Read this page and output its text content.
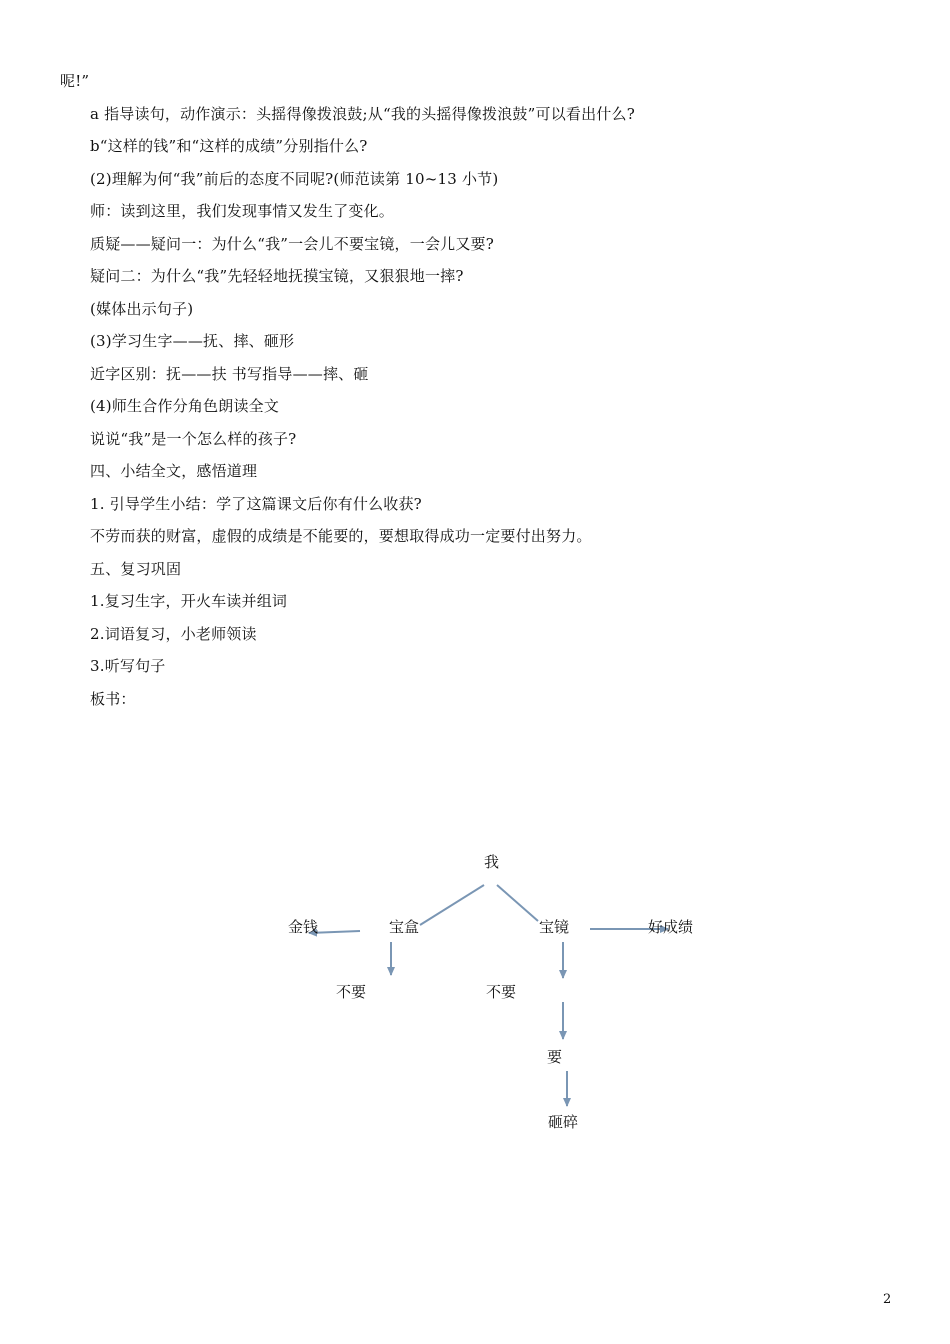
呢!”
a 指导读句，动作演示：头摇得像拨浪鼓;从“我的头摇得像拨浪鼓”可以看出什么?
b“这样的钱”和“这样的成绩”分别指什么?
(2)理解为何“我”前后的态度不同呢?(师范读第 10~13 小节)
师：读到这里，我们发现事情又发生了变化。
质疑——疑问一：为什么“我”一会儿不要宝镜，一会儿又要?
疑问二：为什么“我”先轻轻地抚摸宝镜，又狠狠地一摔?
(媒体出示句子)
(3)学习生字——抚、摔、砸形
近字区别：抚——扶 书写指导——摔、砸
(4)师生合作分角色朗读全文
说说“我”是一个怎么样的孩子?
四、小结全文，感悟道理
1. 引导学生小结：学了这篇课文后你有什么收获?
不劳而获的财富，虚假的成绩是不能要的，要想取得成功一定要付出努力。
五、复习巩固
1.复习生字，开火车读并组词
2.词语复习，小老师领读
3.听写句子
板书：
我
宝盒
金钱
不要
宝镜	好成绩
不要
要
砸碎
2
